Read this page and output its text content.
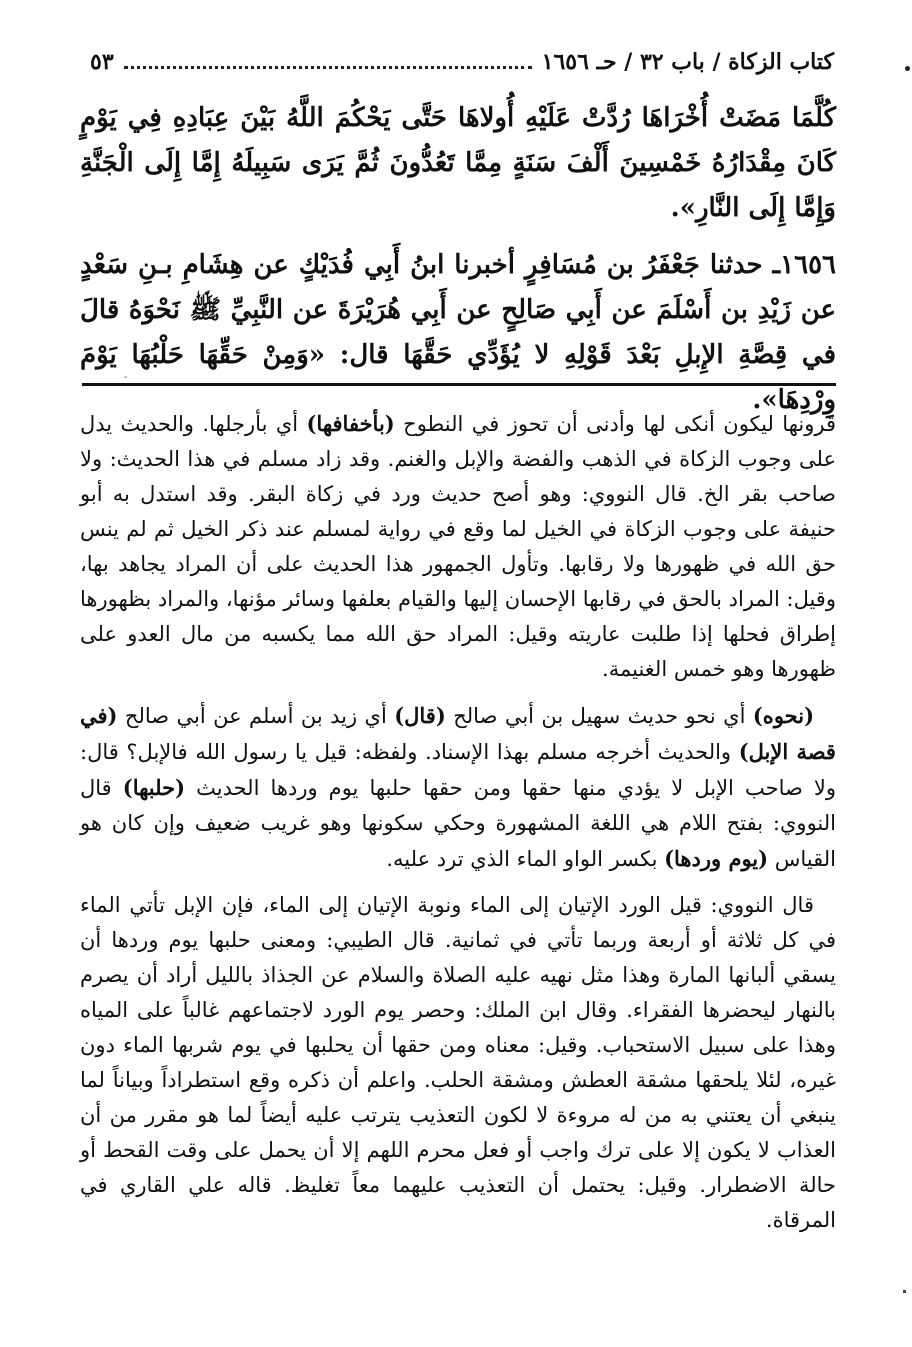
كتاب الزكاة / باب ٣٢ / حـ ١٦٥٦
٥٣

كُلَّمَا مَضَتْ أُخْرَاهَا رُدَّتْ عَلَيْهِ أُولاهَا حَتَّى يَحْكُمَ اللَّهُ بَيْنَ عِبَادِهِ فِي يَوْمٍ كَانَ مِقْدَارُهُ خَمْسِينَ أَلْفَ سَنَةٍ مِمَّا تَعُدُّونَ ثُمَّ يَرَى سَبِيلَهُ إِمَّا إِلَى الْجَنَّةِ وَإِمَّا إِلَى النَّارِ».

١٦٥٦ـ حدثنا جَعْفَرُ بن مُسَافِرٍ أخبرنا ابنُ أَبِي فُدَيْكٍ عن هِشَامِ بـنِ سَعْدٍ عن زَيْدِ بن أَسْلَمَ عن أَبِي صَالِحٍ عن أَبِي هُرَيْرَةَ عن النَّبِيِّ ﷺ نَحْوَهُ قالَ في قِصَّةِ الإِبلِ بَعْدَ قَوْلِهِ لا يُؤَدِّي حَقَّهَا قال: «وَمِنْ حَقِّهَا حَلْبُهَا يَوْمَ وِرْدِهَا».

-

قرونها ليكون أنكى لها وأدنى أن تحوز في النطوح (بأخفافها) أي بأرجلها. والحديث يدل على وجوب الزكاة في الذهب والفضة والإبل والغنم. وقد زاد مسلم في هذا الحديث: ولا صاحب بقر الخ. قال النووي: وهو أصح حديث ورد في زكاة البقر. وقد استدل به أبو حنيفة على وجوب الزكاة في الخيل لما وقع في رواية لمسلم عند ذكر الخيل ثم لم ينس حق الله في ظهورها ولا رقابها. وتأول الجمهور هذا الحديث على أن المراد يجاهد بها، وقيل: المراد بالحق في رقابها الإحسان إليها والقيام بعلفها وسائر مؤنها، والمراد بظهورها إطراق فحلها إذا طلبت عاريته وقيل: المراد حق الله مما يكسبه من مال العدو على ظهورها وهو خمس الغنيمة.

(نحوه) أي نحو حديث سهيل بن أبي صالح (قال) أي زيد بن أسلم عن أبي صالح (في قصة الإبل) والحديث أخرجه مسلم بهذا الإسناد. ولفظه: قيل يا رسول الله فالإبل؟ قال: ولا صاحب الإبل لا يؤدي منها حقها ومن حقها حلبها يوم وردها الحديث (حلبها) قال النووي: بفتح اللام هي اللغة المشهورة وحكي سكونها وهو غريب ضعيف وإن كان هو القياس (يوم وردها) بكسر الواو الماء الذي ترد عليه.

قال النووي: قيل الورد الإتيان إلى الماء ونوبة الإتيان إلى الماء، فإن الإبل تأتي الماء في كل ثلاثة أو أربعة وربما تأتي في ثمانية. قال الطيبي: ومعنى حلبها يوم وردها أن يسقي ألبانها المارة وهذا مثل نهيه عليه الصلاة والسلام عن الجذاذ بالليل أراد أن يصرم بالنهار ليحضرها الفقراء. وقال ابن الملك: وحصر يوم الورد لاجتماعهم غالباً على المياه وهذا على سبيل الاستحباب. وقيل: معناه ومن حقها أن يحلبها في يوم شربها الماء دون غيره، لئلا يلحقها مشقة العطش ومشقة الحلب. واعلم أن ذكره وقع استطراداً وبياناً لما ينبغي أن يعتني به من له مروءة لا لكون التعذيب يترتب عليه أيضاً لما هو مقرر من أن العذاب لا يكون إلا على ترك واجب أو فعل محرم اللهم إلا أن يحمل على وقت القحط أو حالة الاضطرار. وقيل: يحتمل أن التعذيب عليهما معاً تغليظ. قاله علي القاري في المرقاة.
